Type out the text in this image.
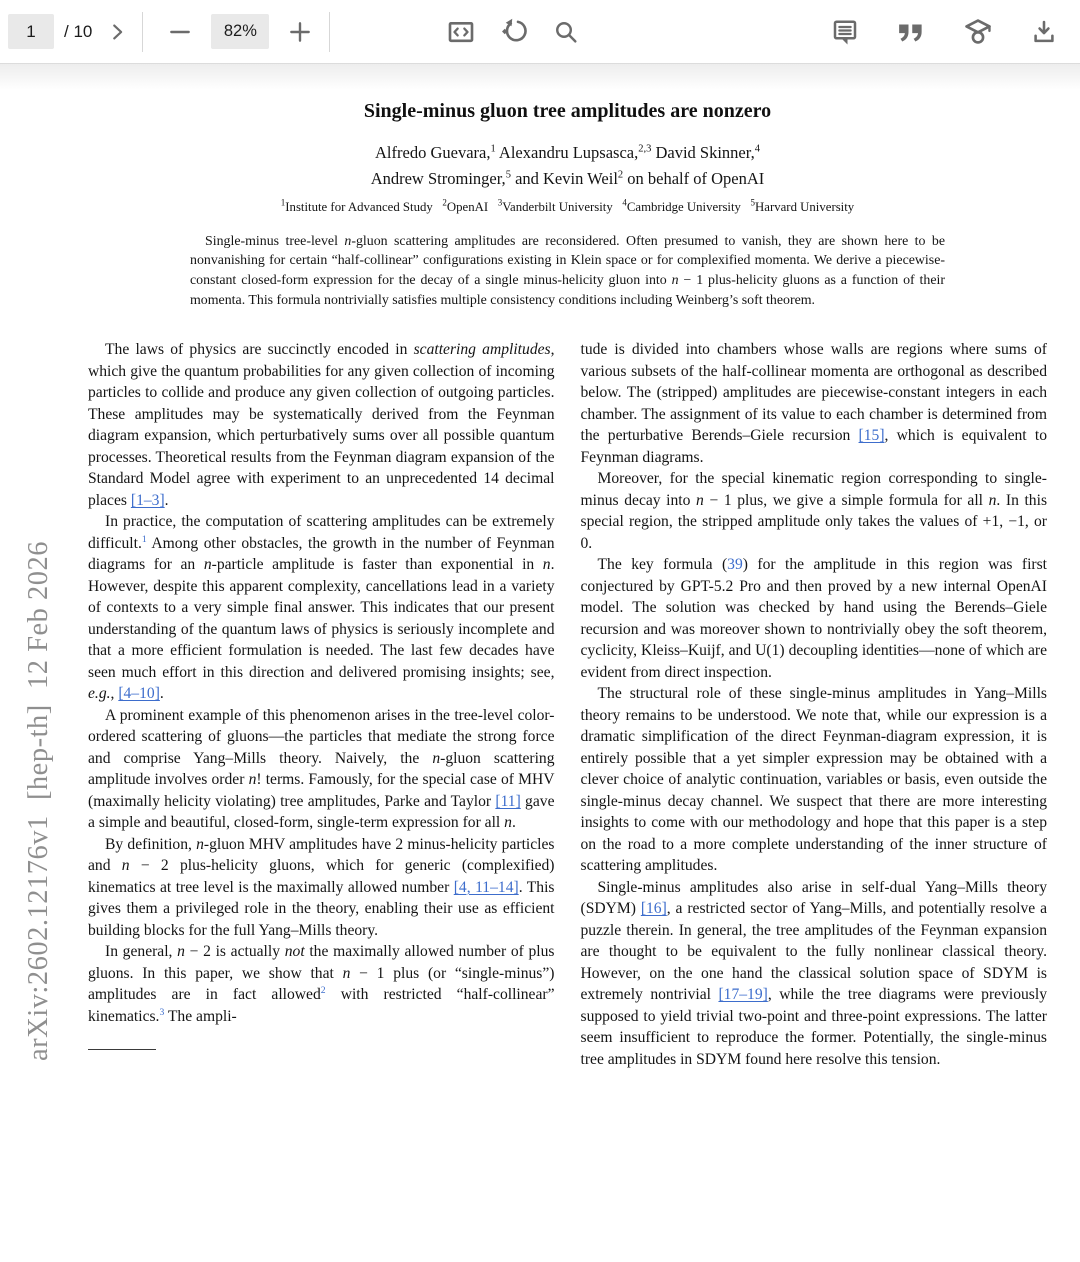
1	/ 10	82%
arXiv:2602.12176v1  [hep-th]  12 Feb 2026
Single-minus gluon tree amplitudes are nonzero
Alfredo Guevara,$^1$ Alexandru Lupsasca,$^{2,3}$ David Skinner,$^4$
Andrew Strominger,$^5$ and Kevin Weil$^2$ on behalf of OpenAI
$^1$Institute for Advanced Study   $^2$OpenAI   $^3$Vanderbilt University   $^4$Cambridge University   $^5$Harvard University
Single-minus tree-level n-gluon scattering amplitudes are reconsidered. Often presumed to vanish, they are shown here to be nonvanishing for certain “half-collinear” configurations existing in Klein space or for complexified momenta. We derive a piecewise-constant closed-form expression for the decay of a single minus-helicity gluon into n − 1 plus-helicity gluons as a function of their momenta. This formula nontrivially satisfies multiple consistency conditions including Weinberg’s soft theorem.

The laws of physics are succinctly encoded in scattering amplitudes, which give the quantum probabilities for any given collection of incoming particles to collide and produce any given collection of outgoing particles. These amplitudes may be systematically derived from the Feynman diagram expansion, which perturbatively sums over all possible quantum processes. Theoretical results from the Feynman diagram expansion of the Standard Model agree with experiment to an unprecedented 14 decimal places [1–3].

In practice, the computation of scattering amplitudes can be extremely difficult.$^1$ Among other obstacles, the growth in the number of Feynman diagrams for an n-particle amplitude is faster than exponential in n. However, despite this apparent complexity, cancellations lead in a variety of contexts to a very simple final answer. This indicates that our present understanding of the quantum laws of physics is seriously incomplete and that a more efficient formulation is needed. The last few decades have seen much effort in this direction and delivered promising insights; see, e.g., [4–10].

A prominent example of this phenomenon arises in the tree-level color-ordered scattering of gluons—the particles that mediate the strong force and comprise Yang–Mills theory. Naively, the n-gluon scattering amplitude involves order n! terms. Famously, for the special case of MHV (maximally helicity violating) tree amplitudes, Parke and Taylor [11] gave a simple and beautiful, closed-form, single-term expression for all n.

By definition, n-gluon MHV amplitudes have 2 minus-helicity particles and n − 2 plus-helicity gluons, which for generic (complexified) kinematics at tree level is the maximally allowed number [4, 11–14]. This gives them a privileged role in the theory, enabling their use as efficient building blocks for the full Yang–Mills theory.

In general, n − 2 is actually not the maximally allowed number of plus gluons. In this paper, we show that n − 1 plus (or “single-minus”) amplitudes are in fact allowed$^2$ with restricted “half-collinear” kinematics.$^3$ The ampli-

tude is divided into chambers whose walls are regions where sums of various subsets of the half-collinear momenta are orthogonal as described below. The (stripped) amplitudes are piecewise-constant integers in each chamber. The assignment of its value to each chamber is determined from the perturbative Berends–Giele recursion [15], which is equivalent to Feynman diagrams.

Moreover, for the special kinematic region corresponding to single-minus decay into n − 1 plus, we give a simple formula for all n. In this special region, the stripped amplitude only takes the values of +1, −1, or 0.

The key formula (39) for the amplitude in this region was first conjectured by GPT-5.2 Pro and then proved by a new internal OpenAI model. The solution was checked by hand using the Berends–Giele recursion and was moreover shown to nontrivially obey the soft theorem, cyclicity, Kleiss–Kuijf, and U(1) decoupling identities—none of which are evident from direct inspection.

The structural role of these single-minus amplitudes in Yang–Mills theory remains to be understood. We note that, while our expression is a dramatic simplification of the direct Feynman-diagram expression, it is entirely possible that a yet simpler expression may be obtained with a clever choice of analytic continuation, variables or basis, even outside the single-minus decay channel. We suspect that there are more interesting insights to come with our methodology and hope that this paper is a step on the road to a more complete understanding of the inner structure of scattering amplitudes.

Single-minus amplitudes also arise in self-dual Yang–Mills theory (SDYM) [16], a restricted sector of Yang–Mills, and potentially resolve a puzzle therein. In general, the tree amplitudes of the Feynman expansion are thought to be equivalent to the fully nonlinear classical theory. However, on the one hand the classical solution space of SDYM is extremely nontrivial [17–19], while the tree diagrams were previously supposed to yield trivial two-point and three-point expressions. The latter seem insufficient to reproduce the former. Potentially, the single-minus tree amplitudes in SDYM found here resolve this tension.
